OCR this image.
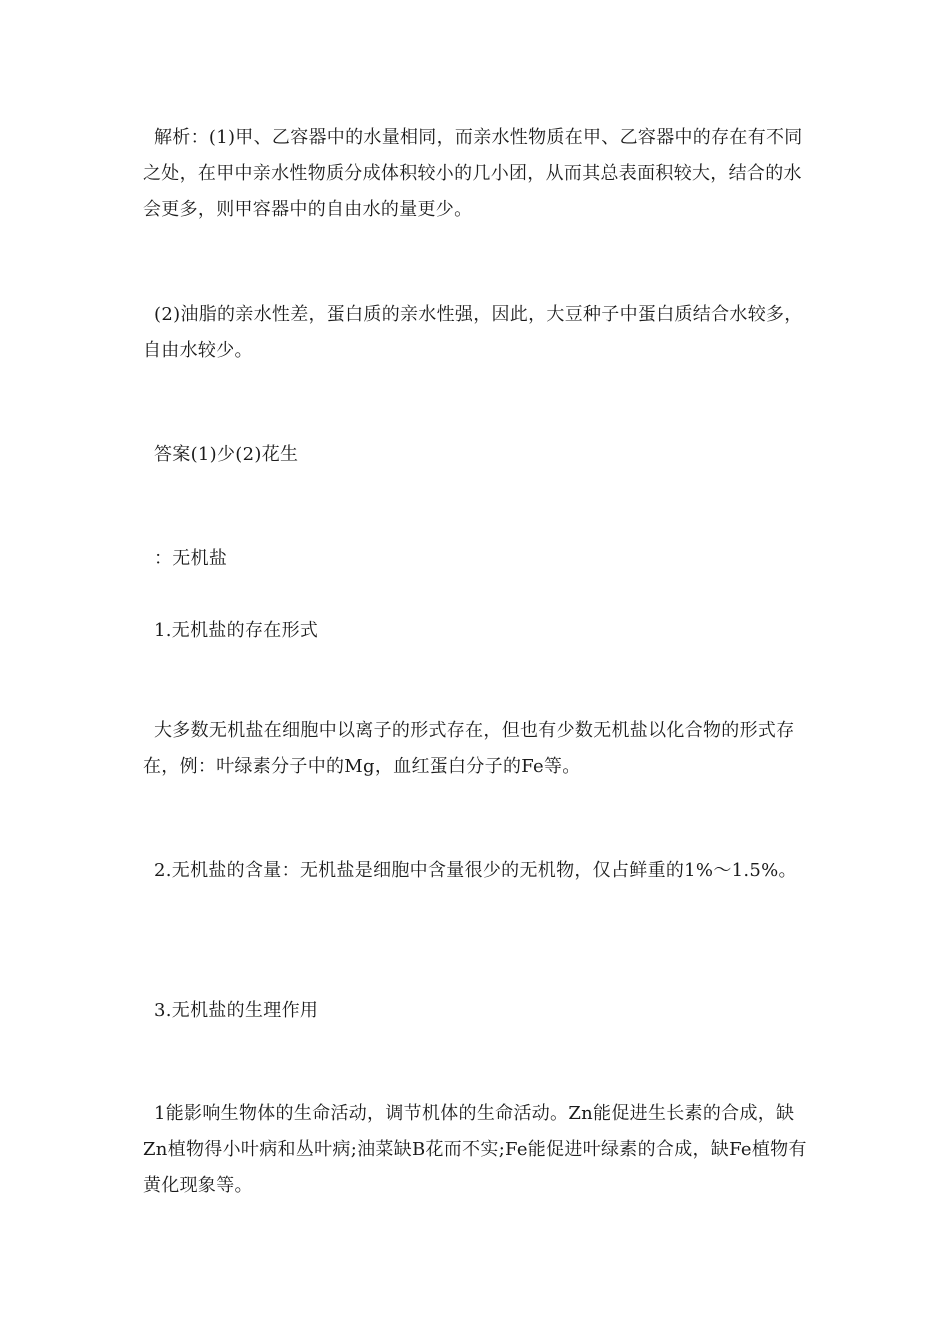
解析：(1)甲、乙容器中的水量相同，而亲水性物质在甲、乙容器中的存在有不同之处，在甲中亲水性物质分成体积较小的几小团，从而其总表面积较大，结合的水会更多，则甲容器中的自由水的量更少。

(2)油脂的亲水性差，蛋白质的亲水性强，因此，大豆种子中蛋白质结合水较多，自由水较少。

答案(1)少(2)花生

：无机盐

1.无机盐的存在形式

大多数无机盐在细胞中以离子的形式存在，但也有少数无机盐以化合物的形式存在，例：叶绿素分子中的Mg，血红蛋白分子的Fe等。

2.无机盐的含量：无机盐是细胞中含量很少的无机物，仅占鲜重的1%～1.5%。

3.无机盐的生理作用

1能影响生物体的生命活动，调节机体的生命活动。Zn能促进生长素的合成，缺Zn植物得小叶病和丛叶病;油菜缺B花而不实;Fe能促进叶绿素的合成，缺Fe植物有黄化现象等。
